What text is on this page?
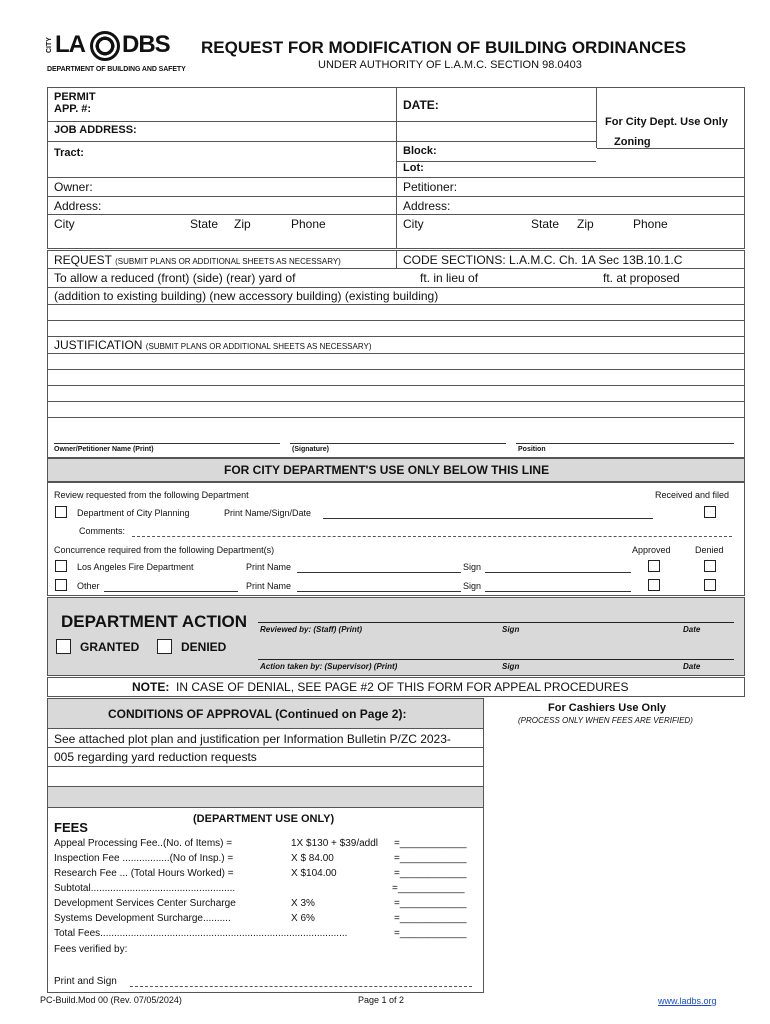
CITY LA DBS
DEPARTMENT OF BUILDING AND SAFETY
REQUEST FOR MODIFICATION OF BUILDING ORDINANCES
UNDER AUTHORITY OF L.A.M.C. SECTION 98.0403
PERMIT
APP. #:	DATE:
For City Dept. Use Only
Zoning
JOB ADDRESS:
Tract:	Block:
Lot:
Owner:	Petitioner:
Address:	Address:
City	State Zip	Phone	City	State Zip	Phone
REQUEST (SUBMIT PLANS OR ADDITIONAL SHEETS AS NECESSARY)	CODE SECTIONS: L.A.M.C. Ch. 1A Sec 13B.10.1.C
To allow a reduced (front) (side) (rear) yard of	ft. in lieu of	ft. at proposed
(addition to existing building) (new accessory building) (existing building)
JUSTIFICATION (SUBMIT PLANS OR ADDITIONAL SHEETS AS NECESSARY)
Owner/Petitioner Name (Print)	(Signature)	Position
FOR CITY DEPARTMENT'S USE ONLY BELOW THIS LINE
Review requested from the following Department	Received and filed
Department of City Planning	Print Name/Sign/Date
Comments:
Concurrence required from the following Department(s)	Approved	Denied
Los Angeles Fire Department	Print Name	Sign
Other	Print Name	Sign
DEPARTMENT ACTION
GRANTED	DENIED
Reviewed by: (Staff) (Print)	Sign	Date
Action taken by: (Supervisor) (Print)	Sign	Date
NOTE: IN CASE OF DENIAL, SEE PAGE #2 OF THIS FORM FOR APPEAL PROCEDURES
CONDITIONS OF APPROVAL (Continued on Page 2):
See attached plot plan and justification per Information Bulletin P/ZC 2023-
005 regarding yard reduction requests
For Cashiers Use Only
(PROCESS ONLY WHEN FEES ARE VERIFIED)
(DEPARTMENT USE ONLY)
FEES
Appeal Processing Fee..(No. of Items) =	1X $130 + $39/addl =____________
Inspection Fee .................(No of Insp.) =	X $ 84.00	=____________
Research Fee ... (Total Hours Worked) =	X $104.00	=____________
Subtotal....................................................	=____________
Development Services Center Surcharge	X 3%	=____________
Systems Development Surcharge..........	X 6%	=____________
Total Fees.........................................................................................	=____________
Fees verified by:
Print and Sign
PC-Build.Mod 00 (Rev. 07/05/2024)	Page 1 of 2	www.ladbs.org
